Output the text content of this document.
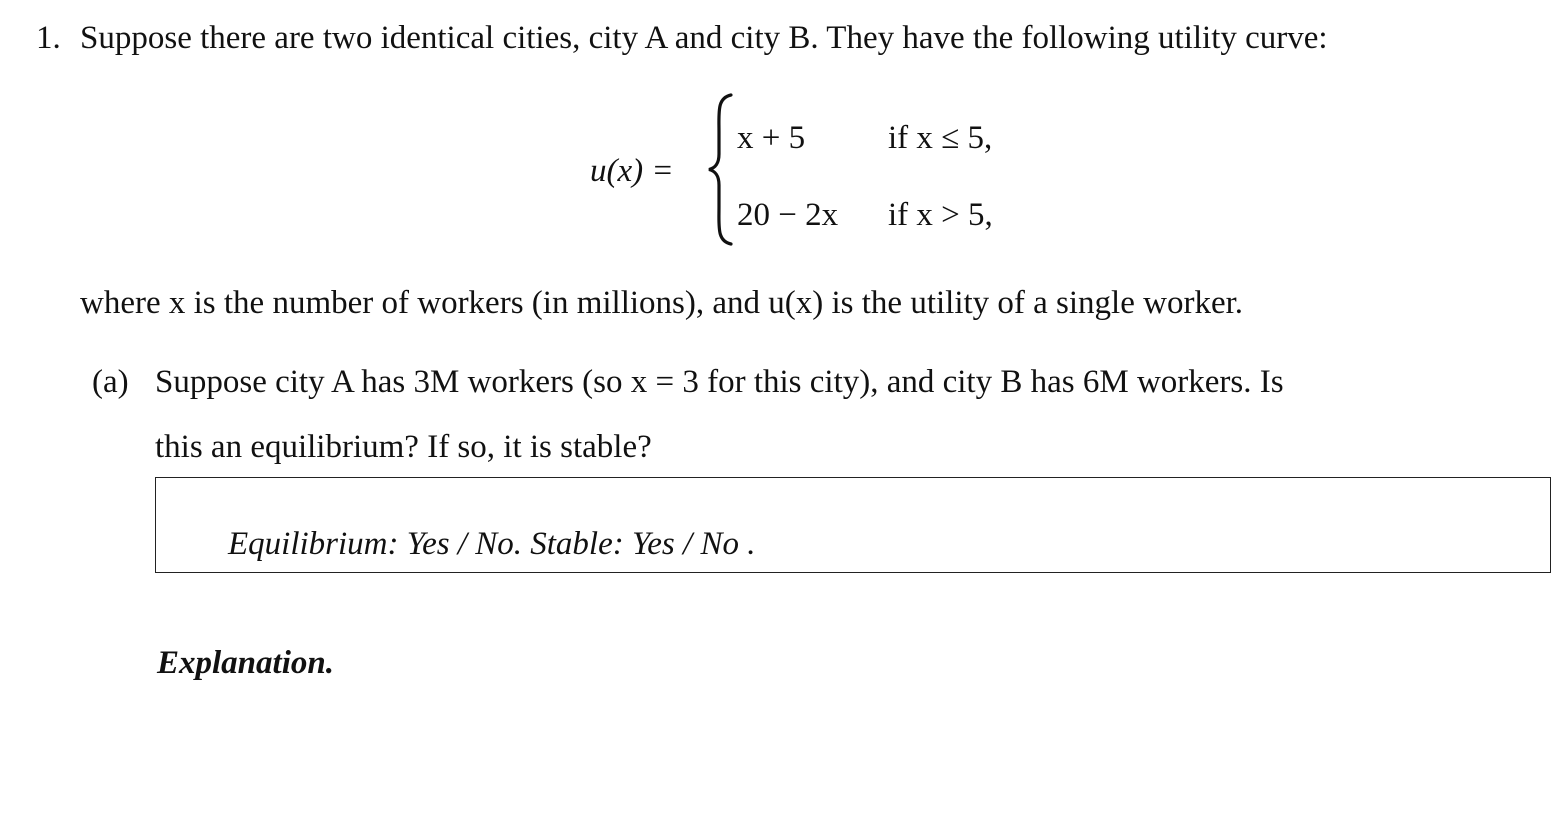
1. Suppose there are two identical cities, city A and city B. They have the following utility curve:
u(x) =
x + 5	if x ≤ 5,
20 − 2x if x > 5,
where x is the number of workers (in millions), and u(x) is the utility of a single worker.
(a) Suppose city A has 3M workers (so x = 3 for this city), and city B has 6M workers. Is
this an equilibrium? If so, it is stable?
Equilibrium: Yes / No. Stable: Yes / No .
Explanation.
